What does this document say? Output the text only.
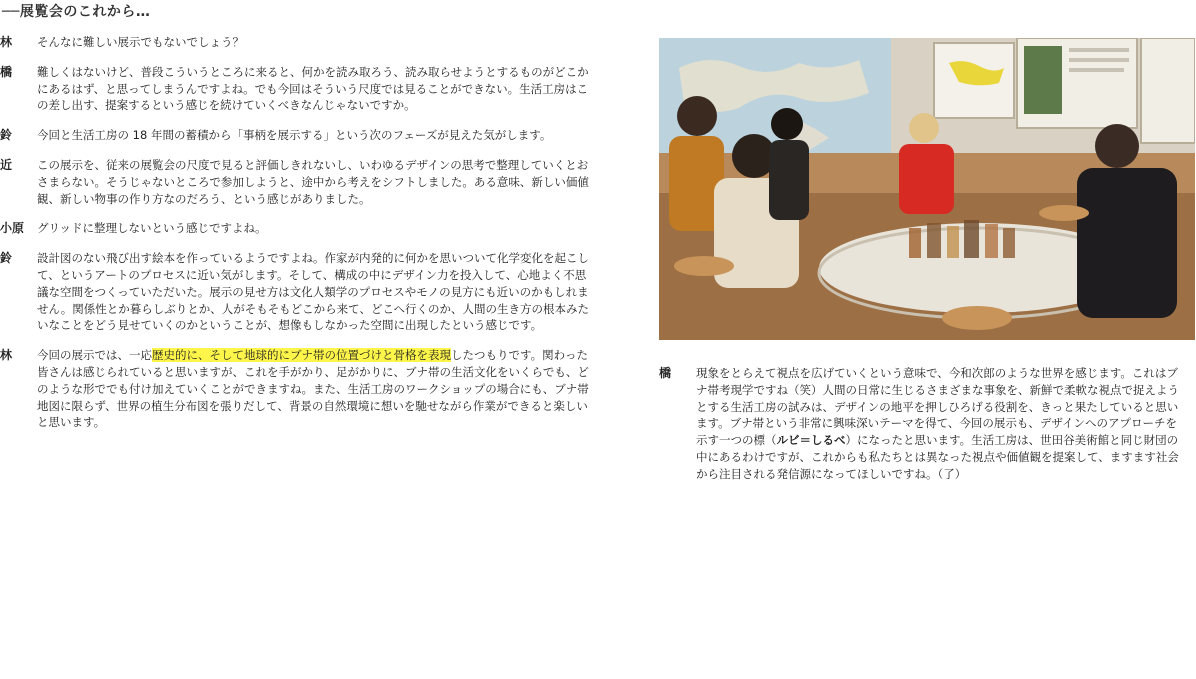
──展覧会のこれから…
林	そんなに難しい展示でもないでしょう？
橋	難しくはないけど、普段こういうところに来ると、何かを読み取ろう、読み取らせようとするものがどこかにあるはず、と思ってしまうんですよね。でも今回はそういう尺度では見ることができない。生活工房はこの差し出す、提案するという感じを続けていくべきなんじゃないですか。
鈴	今回と生活工房の 18 年間の蓄積から「事柄を展示する」という次のフェーズが見えた気がします。
近	この展示を、従来の展覧会の尺度で見ると評価しきれないし、いわゆるデザインの思考で整理していくとおさまらない。そうじゃないところで参加しようと、途中から考えをシフトしました。ある意味、新しい価値観、新しい物事の作り方なのだろう、という感じがありました。
小原	グリッドに整理しないという感じですよね。
鈴	設計図のない飛び出す絵本を作っているようですよね。作家が内発的に何かを思いついて化学変化を起こして、というアートのプロセスに近い気がします。そして、構成の中にデザイン力を投入して、心地よく不思議な空間をつくっていただいた。展示の見せ方は文化人類学のプロセスやモノの見方にも近いのかもしれません。関係性とか暮らしぶりとか、人がそもそもどこから来て、どこへ行くのか、人間の生き方の根本みたいなことをどう見せていくのかということが、想像もしなかった空間に出現したという感じです。
林	今回の展示では、一応歴史的に、そして地球的にブナ帯の位置づけと骨格を表現したつもりです。関わった皆さんは感じられていると思いますが、これを手がかり、足がかりに、ブナ帯の生活文化をいくらでも、どのような形ででも付け加えていくことができますね。また、生活工房のワークショップの場合にも、ブナ帯地図に限らず、世界の植生分布図を張りだして、背景の自然環境に想いを馳せながら作業ができると楽しいと思います。
橋	現象をとらえて視点を広げていくという意味で、今和次郎のような世界を感じます。これはブナ帯考現学ですね（笑）人間の日常に生じるさまざまな事象を、新鮮で柔軟な視点で捉えようとする生活工房の試みは、デザインの地平を押しひろげる役割を、きっと果たしていると思います。ブナ帯という非常に興味深いテーマを得て、今回の展示も、デザインへのアプローチを示す一つの標（ルビ＝しるべ）になったと思います。生活工房は、世田谷美術館と同じ財団の中にあるわけですが、これからも私たちとは異なった視点や価値観を提案して、ますます社会から注目される発信源になってほしいですね。（了）
